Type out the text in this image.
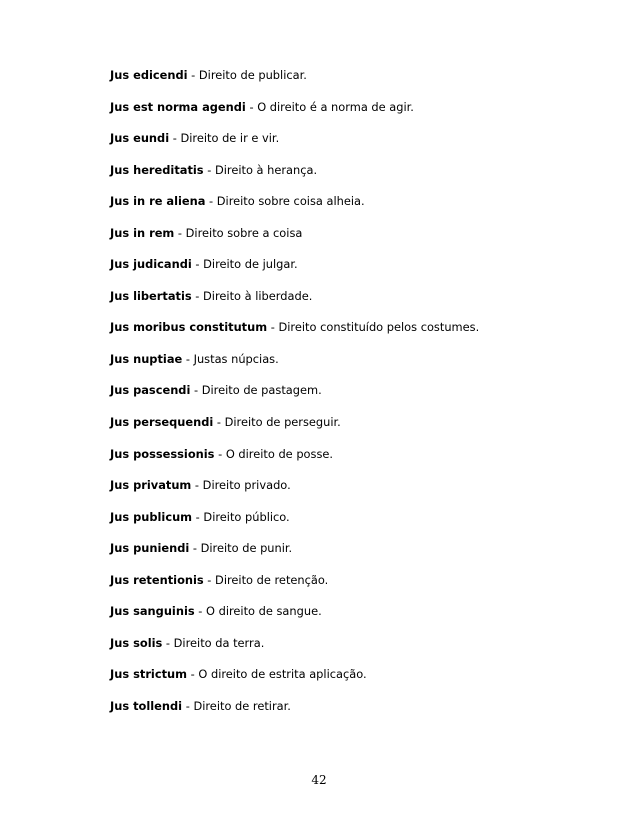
Jus edicendi - Direito de publicar.
Jus est norma agendi - O direito é a norma de agir.
Jus eundi - Direito de ir e vir.
Jus hereditatis - Direito à herança.
Jus in re aliena - Direito sobre coisa alheia.
Jus in rem - Direito sobre a coisa
Jus judicandi - Direito de julgar.
Jus libertatis - Direito à liberdade.
Jus moribus constitutum - Direito constituído pelos costumes.
Jus nuptiae - Justas núpcias.
Jus pascendi - Direito de pastagem.
Jus persequendi - Direito de perseguir.
Jus possessionis - O direito de posse.
Jus privatum - Direito privado.
Jus publicum - Direito público.
Jus puniendi - Direito de punir.
Jus retentionis - Direito de retenção.
Jus sanguinis - O direito de sangue.
Jus solis - Direito da terra.
Jus strictum - O direito de estrita aplicação.
Jus tollendi - Direito de retirar.
42
